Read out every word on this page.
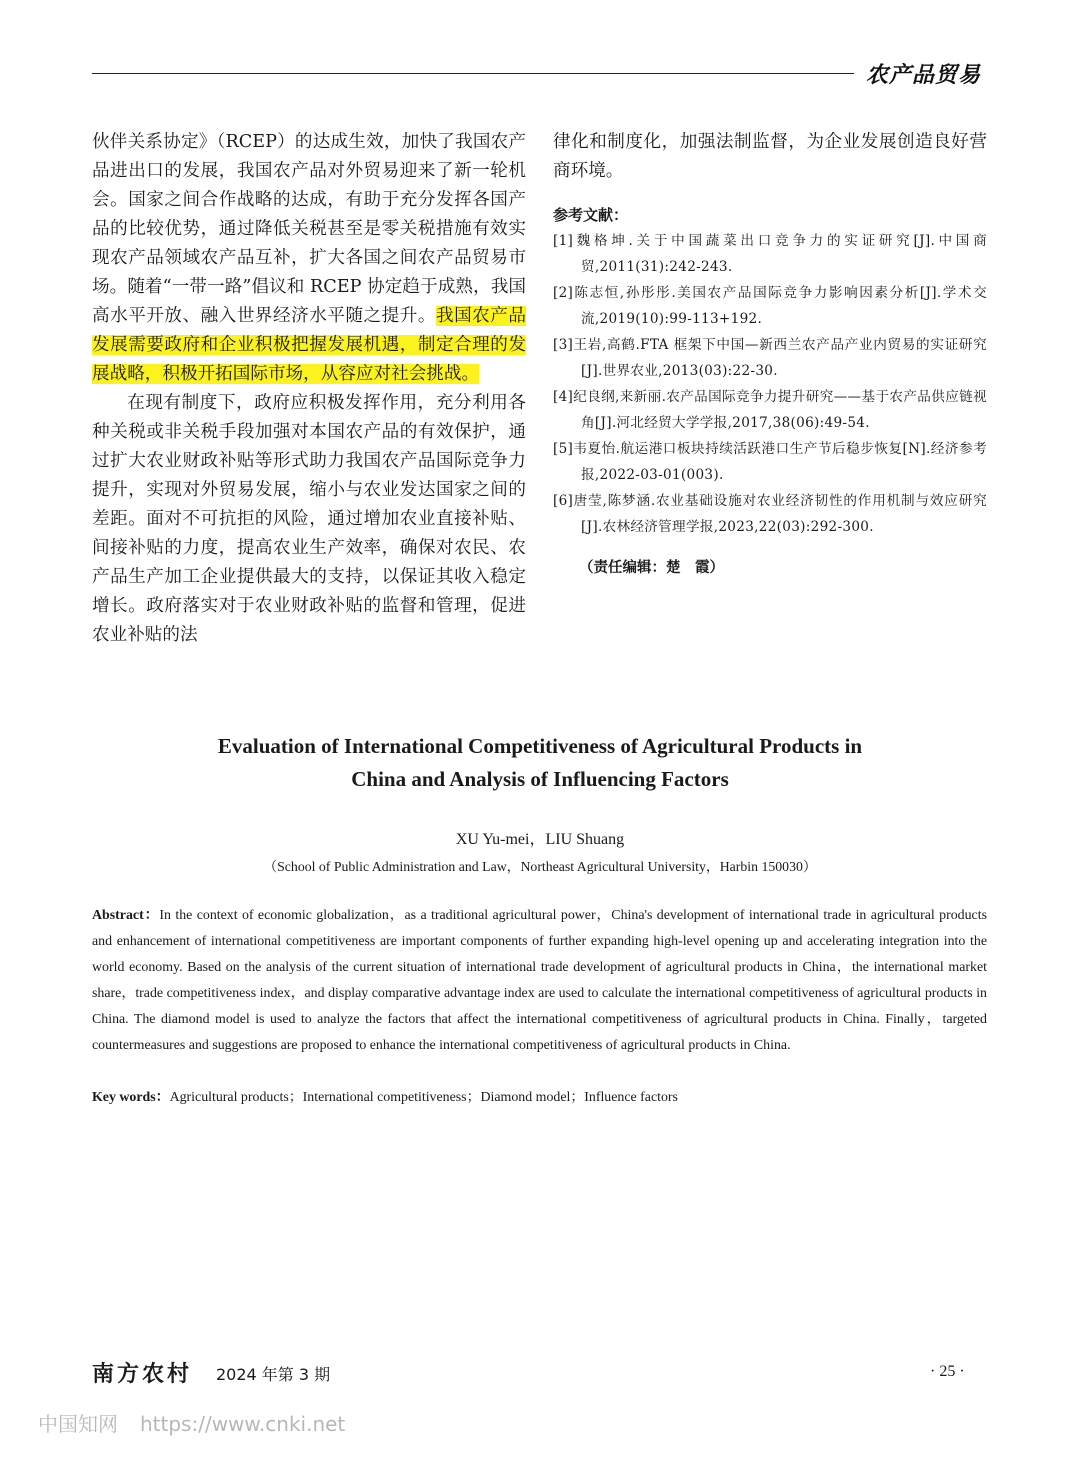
农产品贸易

伙伴关系协定》（RCEP）的达成生效，加快了我国农产品进出口的发展，我国农产品对外贸易迎来了新一轮机会。国家之间合作战略的达成，有助于充分发挥各国产品的比较优势，通过降低关税甚至是零关税措施有效实现农产品领域农产品互补，扩大各国之间农产品贸易市场。随着“一带一路”倡议和 RCEP 协定趋于成熟，我国高水平开放、融入世界经济水平随之提升。我国农产品发展需要政府和企业积极把握发展机遇，制定合理的发展战略，积极开拓国际市场，从容应对社会挑战。

在现有制度下，政府应积极发挥作用，充分利用各种关税或非关税手段加强对本国农产品的有效保护，通过扩大农业财政补贴等形式助力我国农产品国际竞争力提升，实现对外贸易发展，缩小与农业发达国家之间的差距。面对不可抗拒的风险，通过增加农业直接补贴、间接补贴的力度，提高农业生产效率，确保对农民、农产品生产加工企业提供最大的支持，以保证其收入稳定增长。政府落实对于农业财政补贴的监督和管理，促进农业补贴的法

律化和制度化，加强法制监督，为企业发展创造良好营商环境。

参考文献：
[1]魏格坤.关于中国蔬菜出口竞争力的实证研究[J].中国商贸,2011(31):242-243.
[2]陈志恒,孙彤彤.美国农产品国际竞争力影响因素分析[J].学术交流,2019(10):99-113+192.
[3]王岩,高鹤.FTA 框架下中国—新西兰农产品产业内贸易的实证研究[J].世界农业,2013(03):22-30.
[4]纪良纲,来新丽.农产品国际竞争力提升研究——基于农产品供应链视角[J].河北经贸大学学报,2017,38(06):49-54.
[5]韦夏怡.航运港口板块持续活跃港口生产节后稳步恢复[N].经济参考报,2022-03-01(003).
[6]唐莹,陈梦涵.农业基础设施对农业经济韧性的作用机制与效应研究[J].农林经济管理学报,2023,22(03):292-300.
（责任编辑：楚　霞）
Evaluation of International Competitiveness of Agricultural Products in
China and Analysis of Influencing Factors
XU Yu-mei，LIU Shuang
（School of Public Administration and Law，Northeast Agricultural University，Harbin 150030）

Abstract：In the context of economic globalization，as a traditional agricultural power，China's development of international trade in agricultural products and enhancement of international competitiveness are important components of further expanding high-level opening up and accelerating integration into the world economy. Based on the analysis of the current situation of international trade development of agricultural products in China，the international market share，trade competitiveness index，and display comparative advantage index are used to calculate the international competitiveness of agricultural products in China. The diamond model is used to analyze the factors that affect the international competitiveness of agricultural products in China. Finally，targeted countermeasures and suggestions are proposed to enhance the international competitiveness of agricultural products in China.

Key words：Agricultural products；International competitiveness；Diamond model；Influence factors

南方农村 2024 年第 3 期	· 25 ·
中国知网 https://www.cnki.net
